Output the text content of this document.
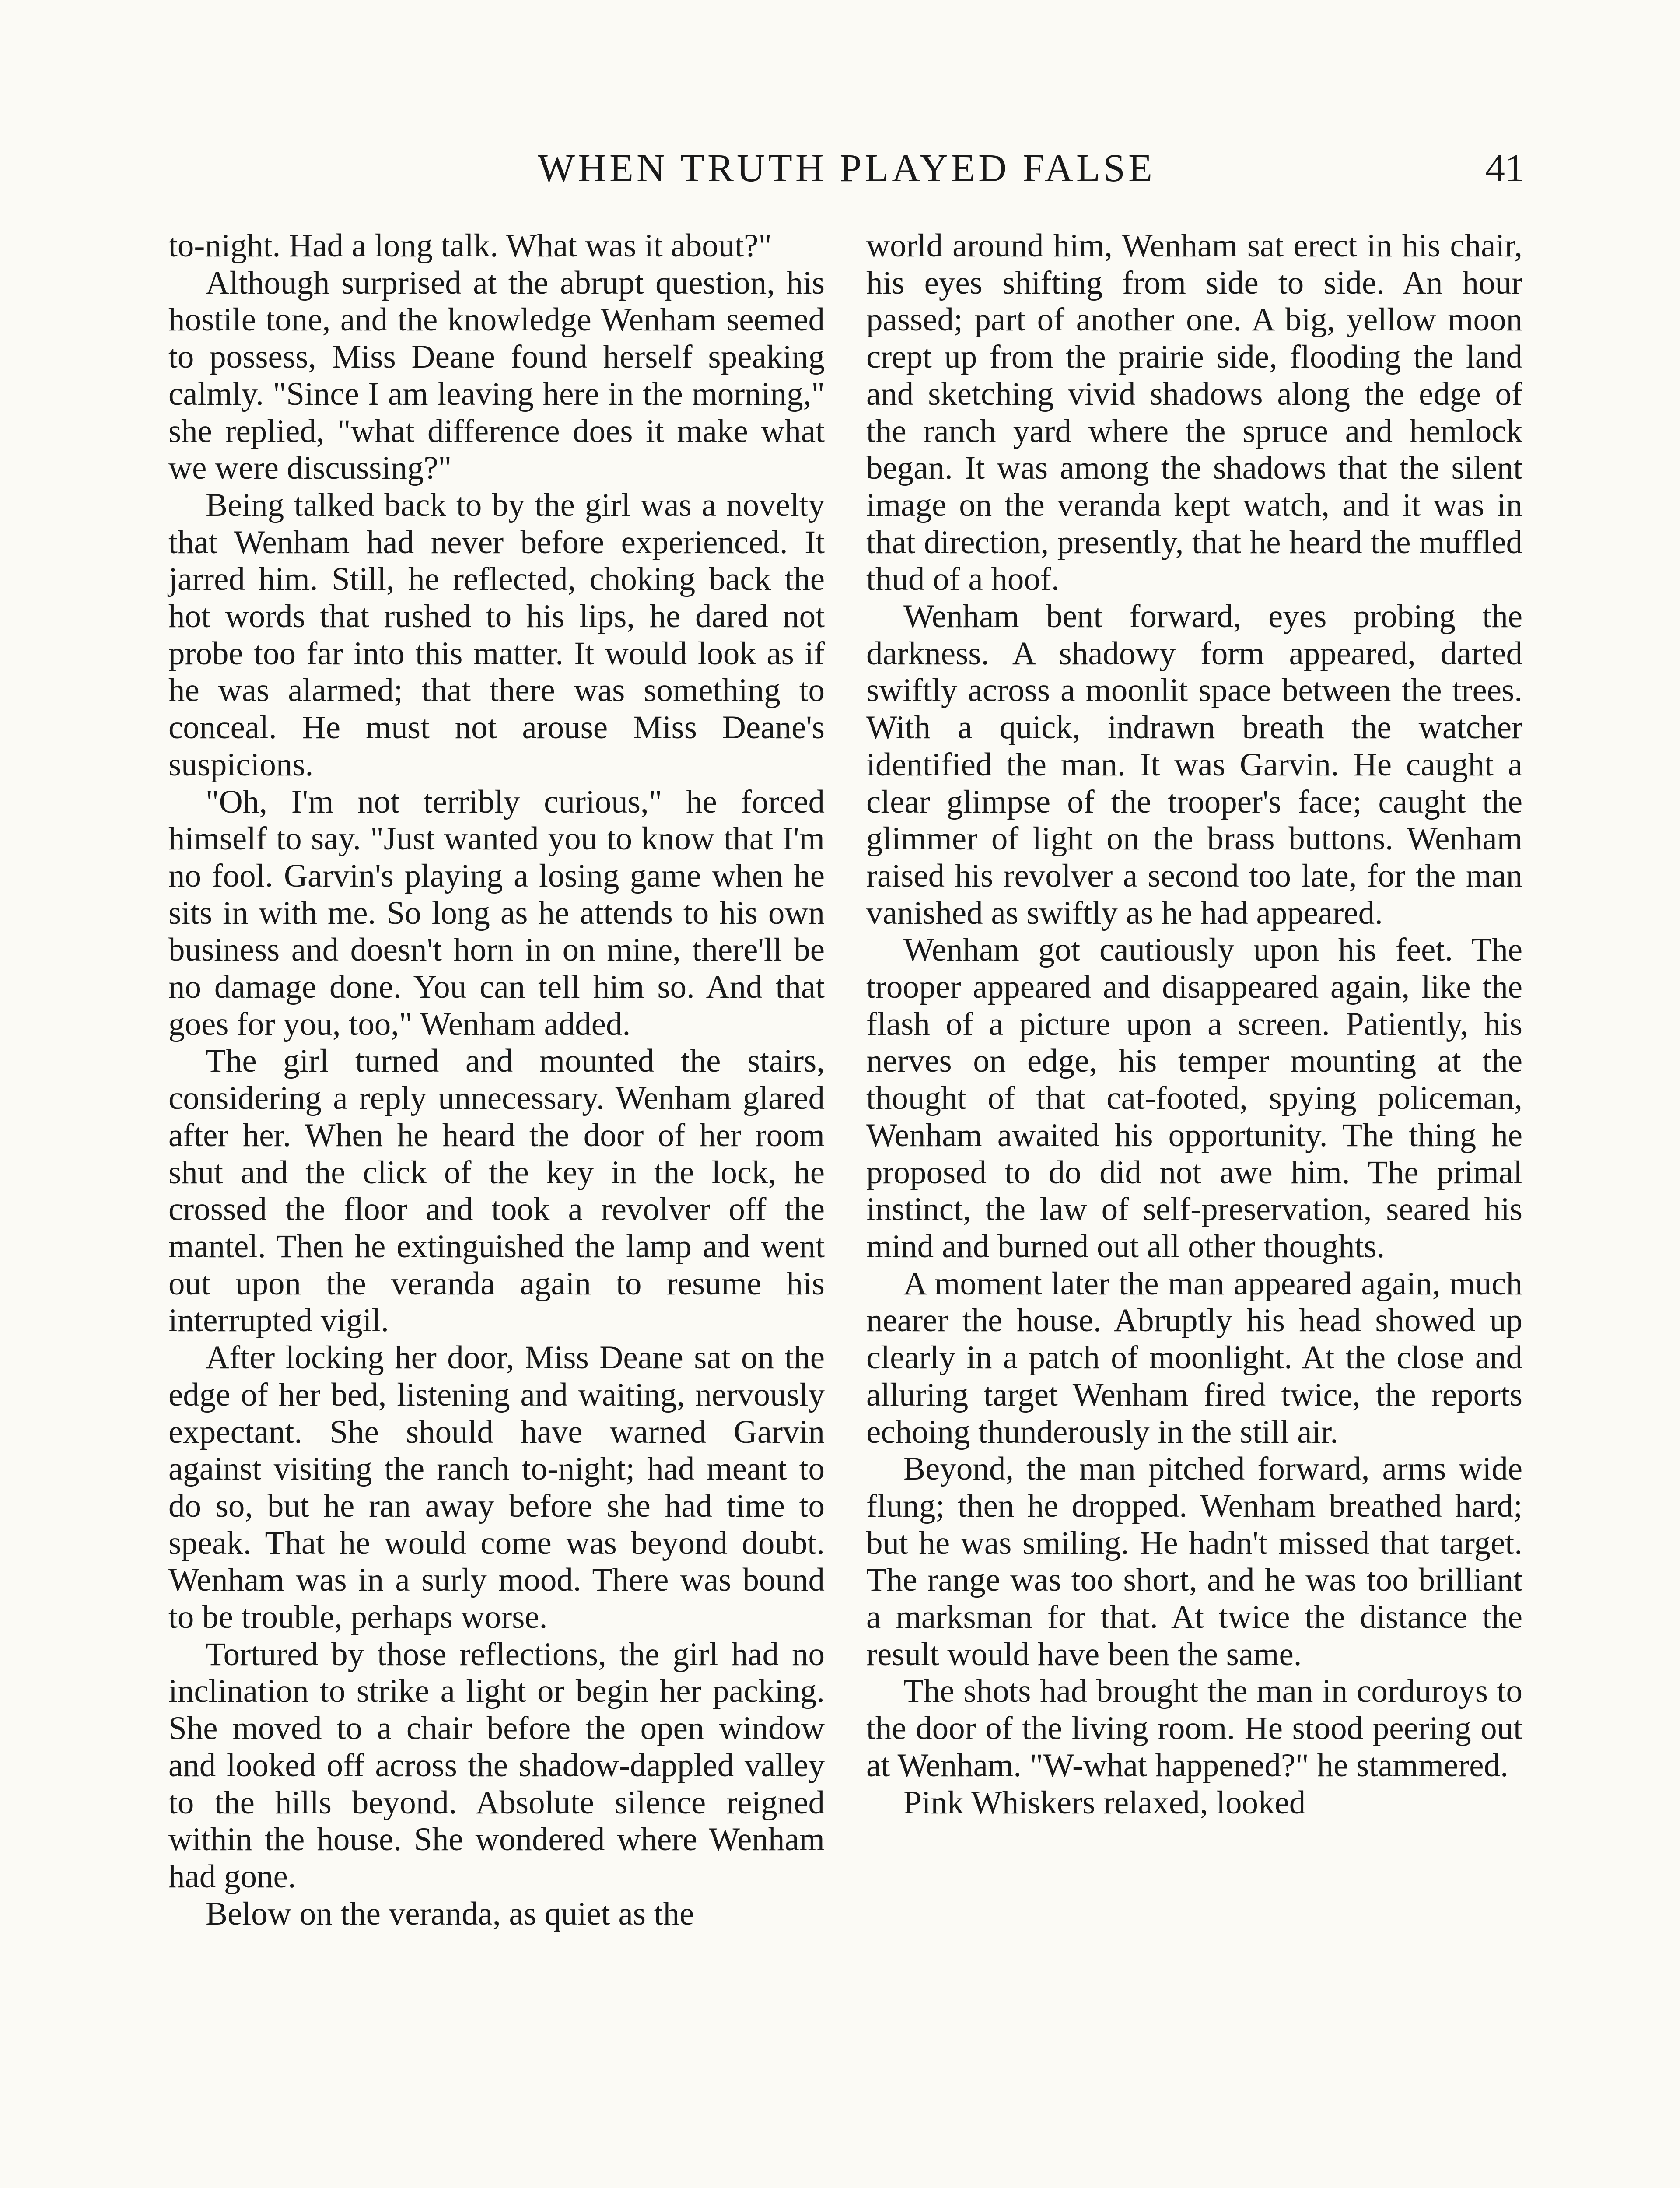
WHEN TRUTH PLAYED FALSE	41

to-night. Had a long talk. What was it about?"

Although surprised at the abrupt question, his hostile tone, and the knowledge Wenham seemed to possess, Miss Deane found herself speaking calmly. "Since I am leaving here in the morning," she replied, "what difference does it make what we were discussing?"

Being talked back to by the girl was a novelty that Wenham had never before experienced. It jarred him. Still, he reflected, choking back the hot words that rushed to his lips, he dared not probe too far into this matter. It would look as if he was alarmed; that there was something to conceal. He must not arouse Miss Deane's suspicions.

"Oh, I'm not terribly curious," he forced himself to say. "Just wanted you to know that I'm no fool. Garvin's playing a losing game when he sits in with me. So long as he attends to his own business and doesn't horn in on mine, there'll be no damage done. You can tell him so. And that goes for you, too," Wenham added.

The girl turned and mounted the stairs, considering a reply unnecessary. Wenham glared after her. When he heard the door of her room shut and the click of the key in the lock, he crossed the floor and took a revolver off the mantel. Then he extinguished the lamp and went out upon the veranda again to resume his interrupted vigil.

After locking her door, Miss Deane sat on the edge of her bed, listening and waiting, nervously expectant. She should have warned Garvin against visiting the ranch to-night; had meant to do so, but he ran away before she had time to speak. That he would come was beyond doubt. Wenham was in a surly mood. There was bound to be trouble, perhaps worse.

Tortured by those reflections, the girl had no inclination to strike a light or begin her packing. She moved to a chair before the open window and looked off across the shadow-dappled valley to the hills beyond. Absolute silence reigned within the house. She wondered where Wenham had gone.

Below on the veranda, as quiet as the

world around him, Wenham sat erect in his chair, his eyes shifting from side to side. An hour passed; part of another one. A big, yellow moon crept up from the prairie side, flooding the land and sketching vivid shadows along the edge of the ranch yard where the spruce and hemlock began. It was among the shadows that the silent image on the veranda kept watch, and it was in that direction, presently, that he heard the muffled thud of a hoof.

Wenham bent forward, eyes probing the darkness. A shadowy form appeared, darted swiftly across a moonlit space between the trees. With a quick, indrawn breath the watcher identified the man. It was Garvin. He caught a clear glimpse of the trooper's face; caught the glimmer of light on the brass buttons. Wenham raised his revolver a second too late, for the man vanished as swiftly as he had appeared.

Wenham got cautiously upon his feet. The trooper appeared and disappeared again, like the flash of a picture upon a screen. Patiently, his nerves on edge, his temper mounting at the thought of that cat-footed, spying policeman, Wenham awaited his opportunity. The thing he proposed to do did not awe him. The primal instinct, the law of self-preservation, seared his mind and burned out all other thoughts.

A moment later the man appeared again, much nearer the house. Abruptly his head showed up clearly in a patch of moonlight. At the close and alluring target Wenham fired twice, the reports echoing thunderously in the still air.

Beyond, the man pitched forward, arms wide flung; then he dropped. Wenham breathed hard; but he was smiling. He hadn't missed that target. The range was too short, and he was too brilliant a marksman for that. At twice the distance the result would have been the same.

The shots had brought the man in corduroys to the door of the living room. He stood peering out at Wenham. "W-what happened?" he stammered.

Pink Whiskers relaxed, looked
